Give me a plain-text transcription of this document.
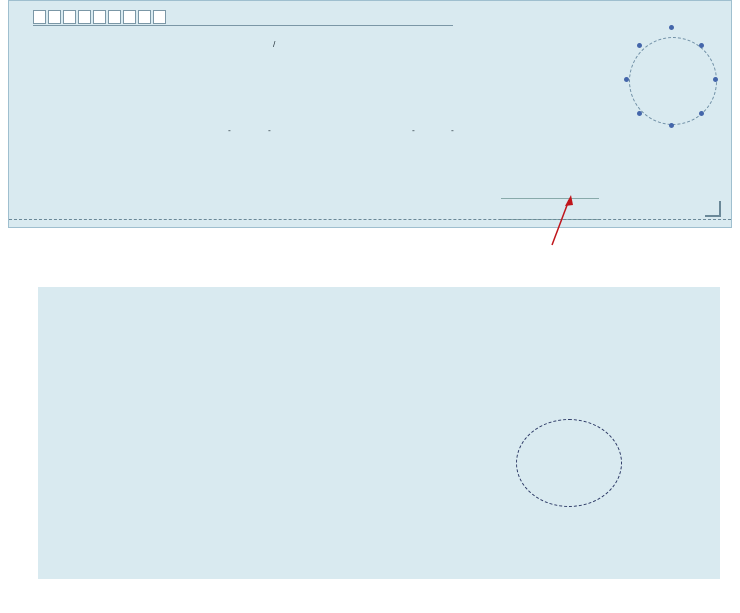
/
-	-	-	-
